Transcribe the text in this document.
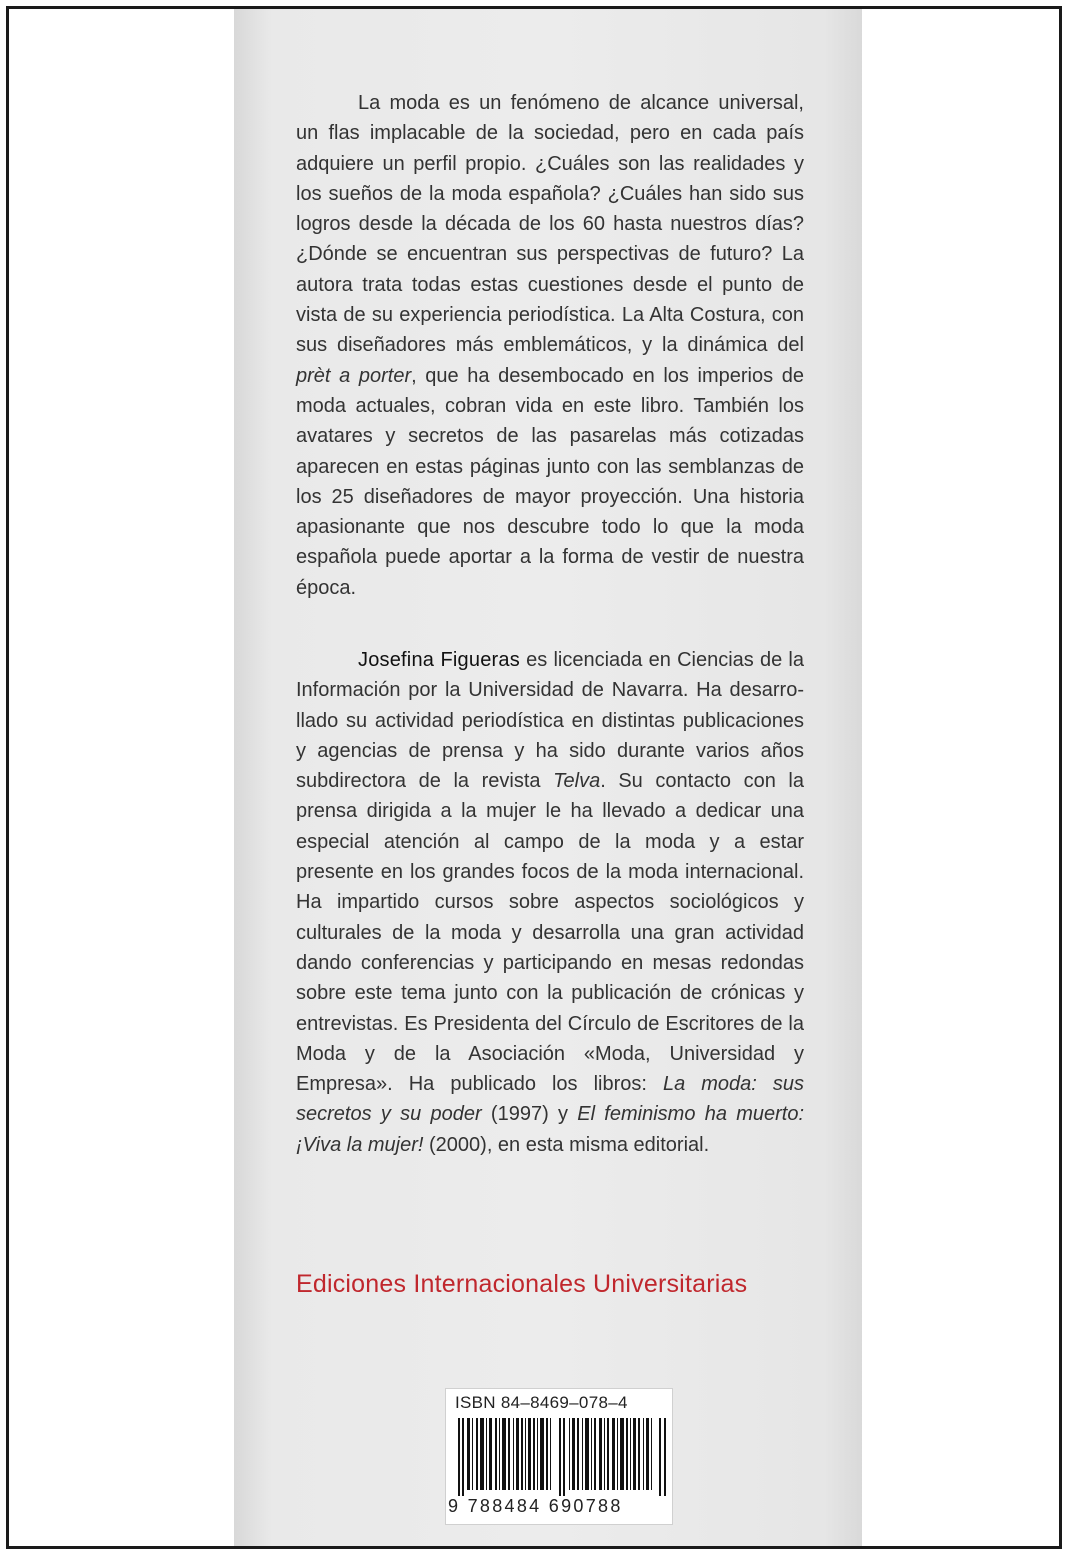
La moda es un fenómeno de alcance universal, un flas implacable de la sociedad, pero en cada país adquiere un perfil propio. ¿Cuáles son las realidades y los sueños de la moda española? ¿Cuáles han sido sus logros desde la década de los 60 hasta nuestros días? ¿Dónde se encuentran sus perspectivas de futuro? La autora trata todas estas cuestiones desde el punto de vista de su experiencia periodística. La Alta Costura, con sus diseñadores más emblemáticos, y la dinámica del prèt a porter, que ha desembocado en los imperios de moda actuales, cobran vida en este libro. También los avatares y secretos de las pasarelas más cotizadas aparecen en estas páginas junto con las semblanzas de los 25 diseñadores de mayor proyección. Una historia apasionante que nos descubre todo lo que la moda española puede aportar a la forma de vestir de nuestra época.
Josefina Figueras es licenciada en Ciencias de la Información por la Universidad de Navarra. Ha desarrollado su actividad periodística en distintas publicaciones y agencias de prensa y ha sido durante varios años subdirectora de la revista Telva. Su contacto con la prensa dirigida a la mujer le ha llevado a dedicar una especial atención al campo de la moda y a estar presente en los grandes focos de la moda internacional. Ha impartido cursos sobre aspectos sociológicos y culturales de la moda y desarrolla una gran actividad dando conferencias y participando en mesas redondas sobre este tema junto con la publicación de crónicas y entrevistas. Es Presidenta del Círculo de Escritores de la Moda y de la Asociación «Moda, Universidad y Empresa». Ha publicado los libros: La moda: sus secretos y su poder (1997) y El feminismo ha muerto: ¡Viva la mujer! (2000), en esta misma editorial.
Ediciones Internacionales Universitarias
ISBN 84–8469–078–4
9 788484 690788
